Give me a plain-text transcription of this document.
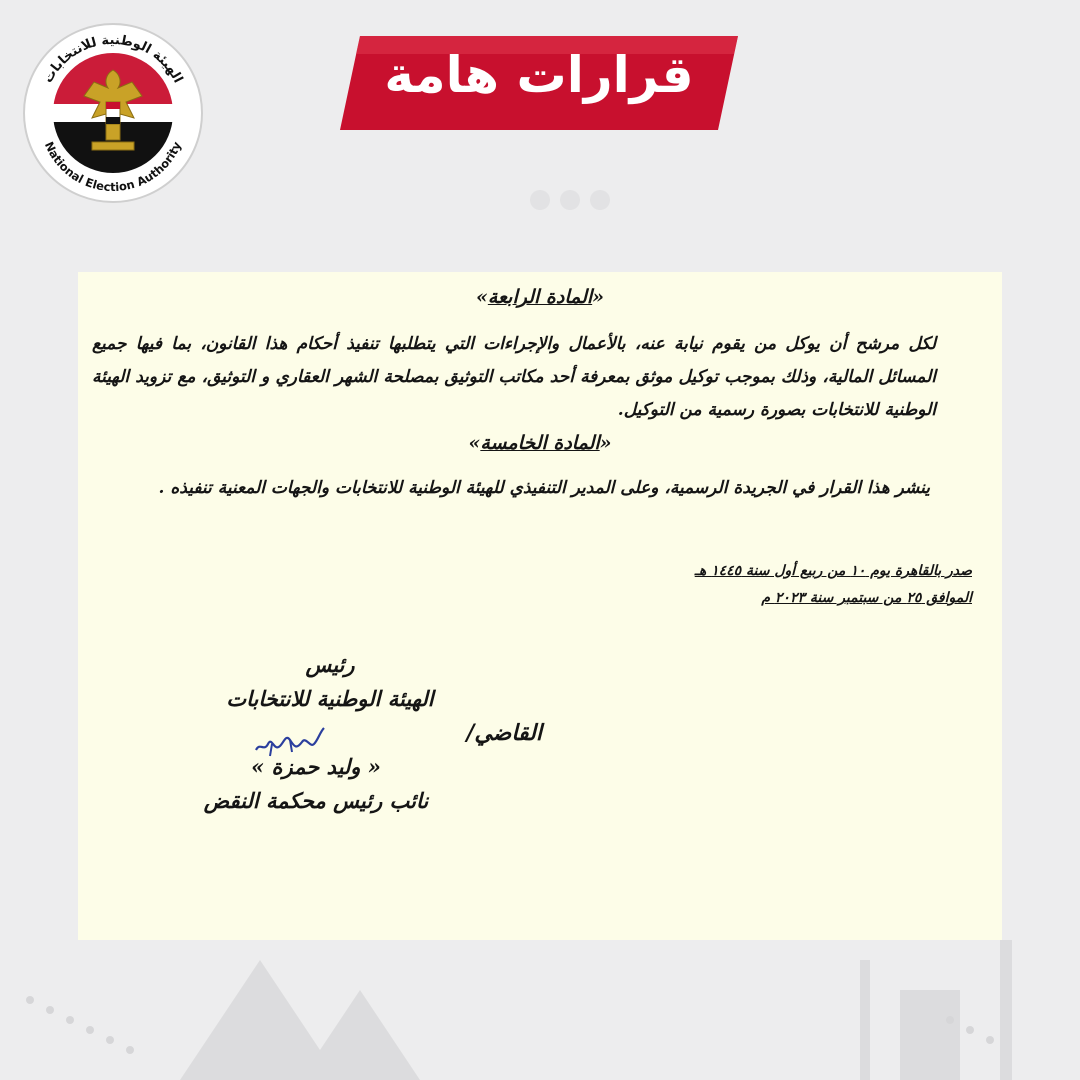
الهيئة الوطنية للانتخابات
National Election Authority
قرارات هامة
«المادة الرابعة»

لكل مرشح أن يوكل من يقوم نيابة عنه، بالأعمال والإجراءات التي يتطلبها تنفيذ أحكام هذا القانون، بما فيها جميع المسائل المالية، وذلك بموجب توكيل موثق بمعرفة أحد مكاتب التوثيق بمصلحة الشهر العقاري و التوثيق، مع تزويد الهيئة الوطنية للانتخابات بصورة رسمية من التوكيل.

«المادة الخامسة»

ينشر هذا القرار في الجريدة الرسمية، وعلى المدير التنفيذي للهيئة الوطنية للانتخابات والجهات المعنية تنفيذه .

صدر بالقاهرة يوم ١٠ من ربيع أول سنة ١٤٤٥ هـ
الموافق ٢٥ من سبتمبر سنة ٢٠٢٣ م
رئيس
الهيئة الوطنية للانتخابات
القاضي/
« وليد حمزة »
نائب رئيس محكمة النقض
